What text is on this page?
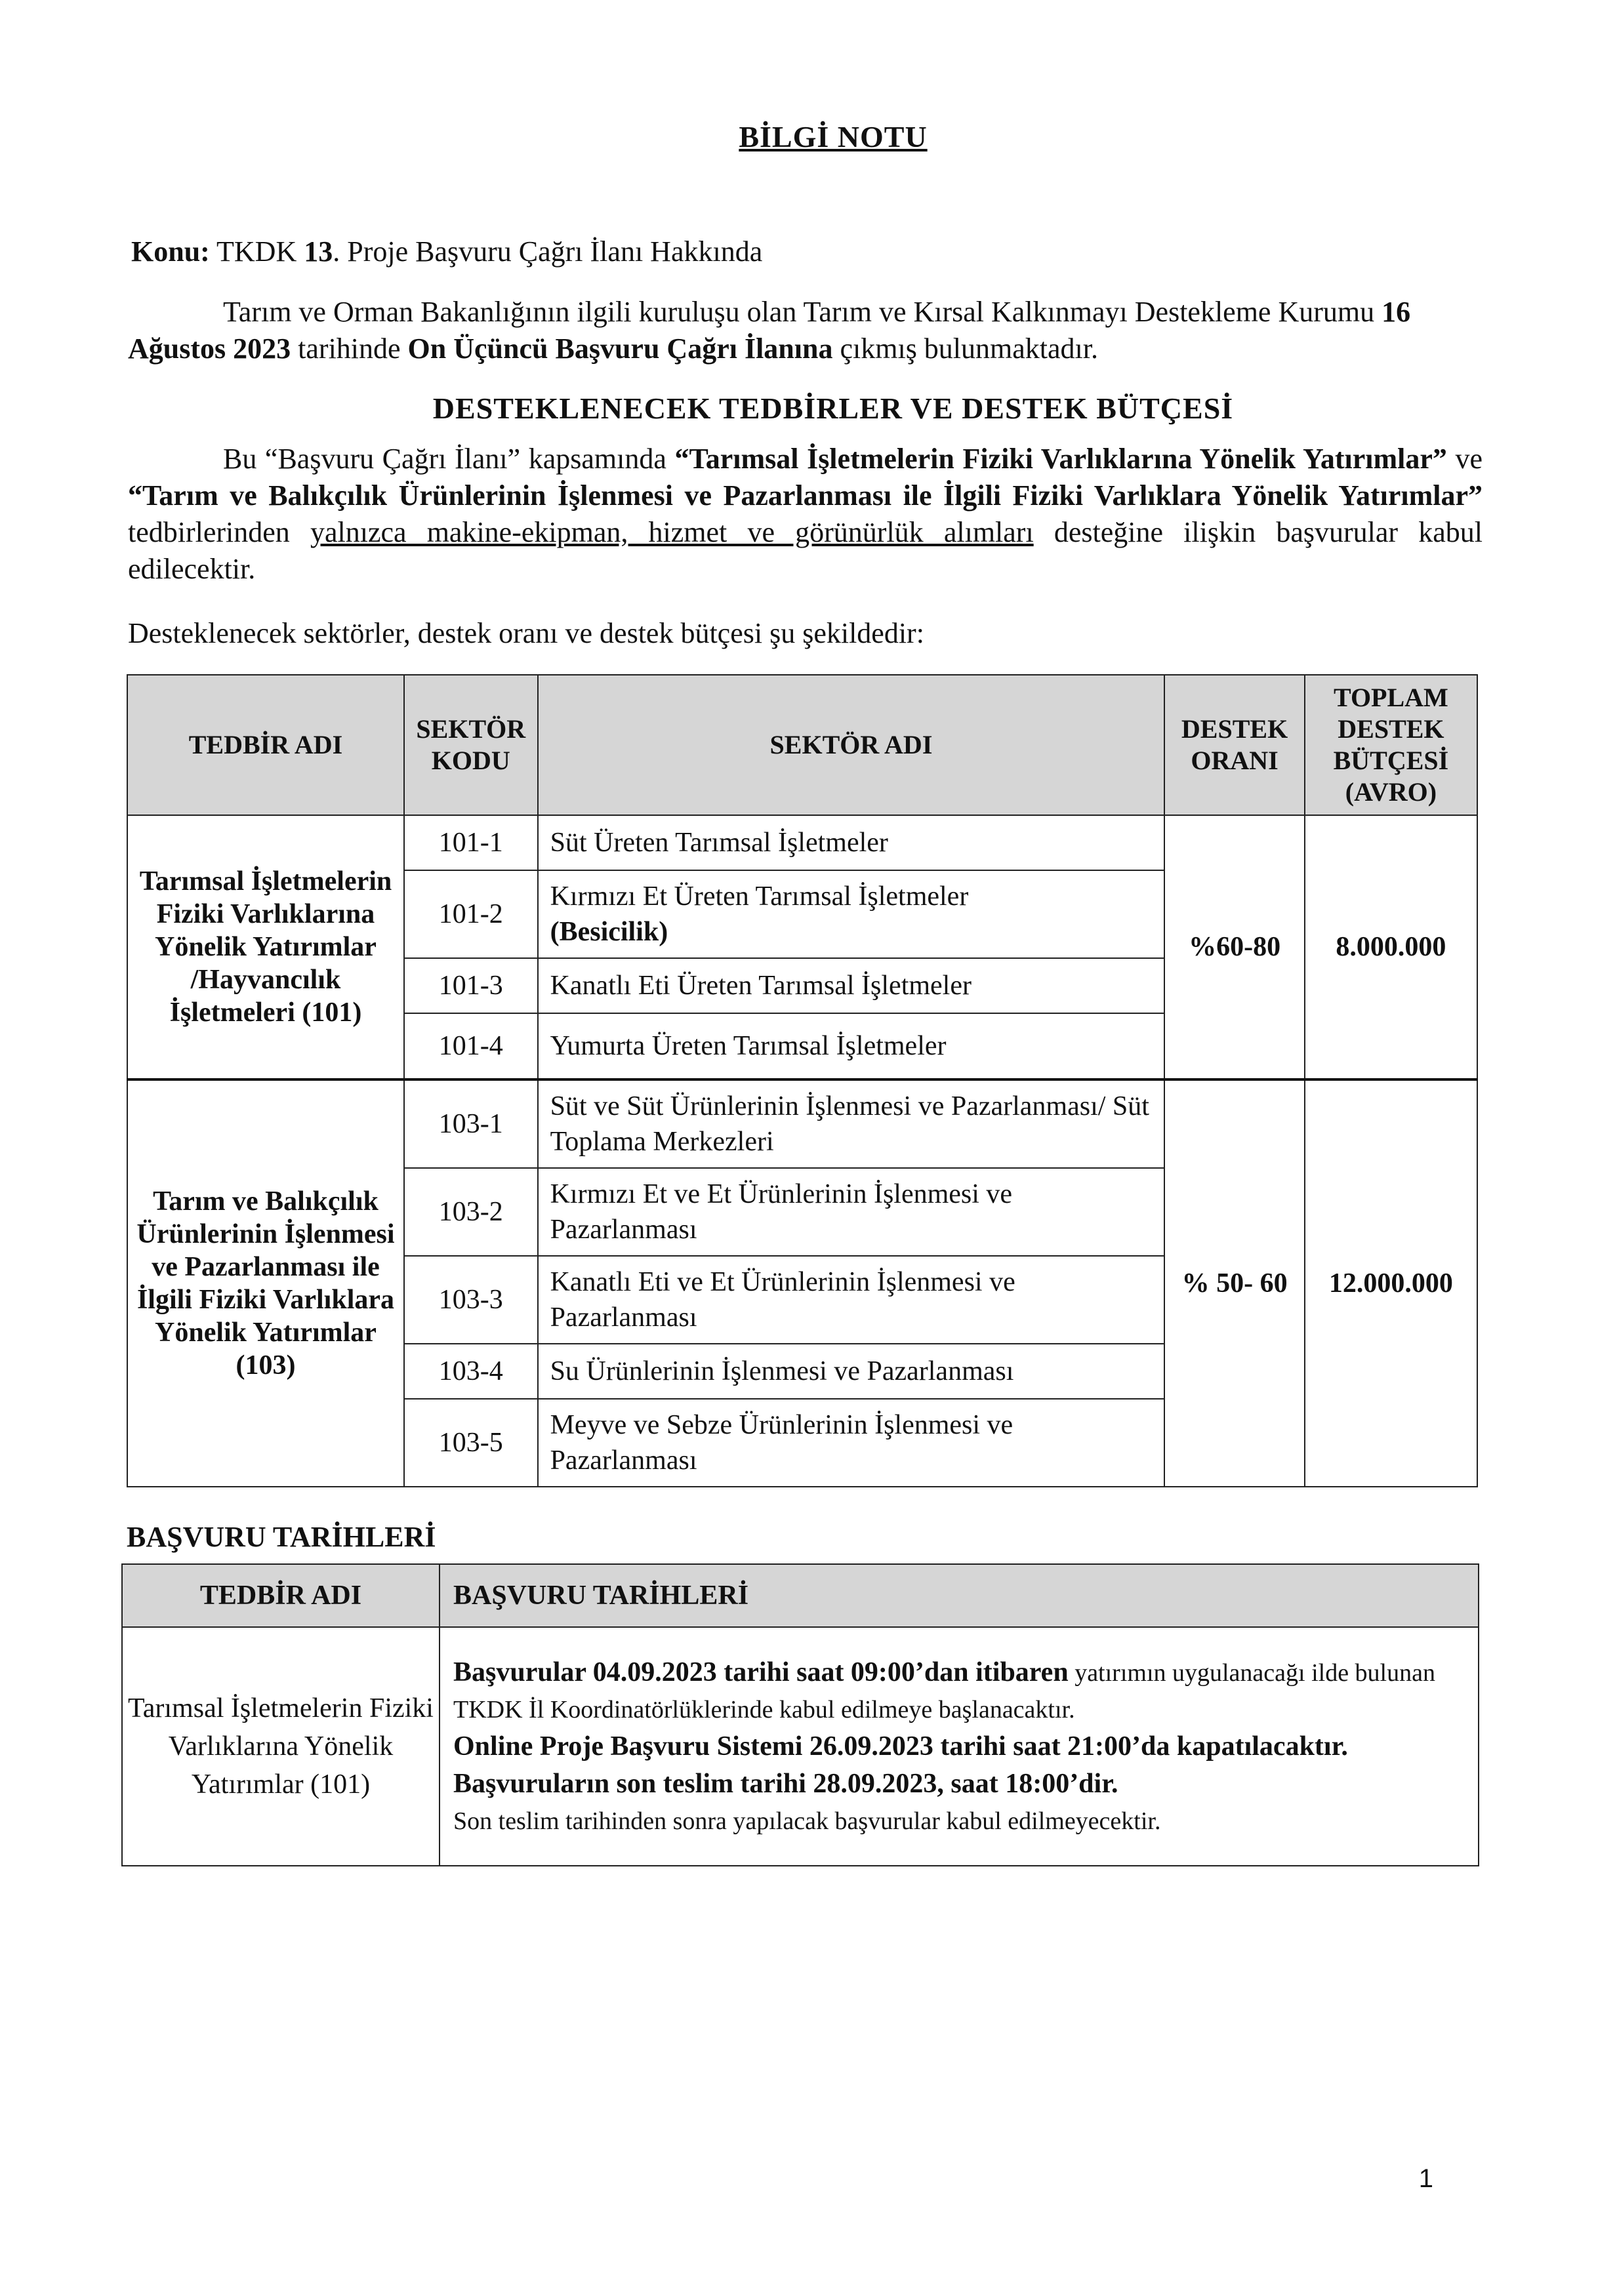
BİLGİ NOTU
Konu: TKDK 13. Proje Başvuru Çağrı İlanı Hakkında
Tarım ve Orman Bakanlığının ilgili kuruluşu olan Tarım ve Kırsal Kalkınmayı Destekleme Kurumu 16 Ağustos 2023 tarihinde On Üçüncü Başvuru Çağrı İlanına çıkmış bulunmaktadır.
DESTEKLENECEK TEDBİRLER VE DESTEK BÜTÇESİ
Bu “Başvuru Çağrı İlanı” kapsamında “Tarımsal İşletmelerin Fiziki Varlıklarına Yönelik Yatırımlar” ve “Tarım ve Balıkçılık Ürünlerinin İşlenmesi ve Pazarlanması ile İlgili Fiziki Varlıklara Yönelik Yatırımlar” tedbirlerinden yalnızca makine-ekipman, hizmet ve görünürlük alımları desteğine ilişkin başvurular kabul edilecektir.
Desteklenecek sektörler, destek oranı ve destek bütçesi şu şekildedir:
TEDBİR ADI	SEKTÖR KODU	SEKTÖR ADI	DESTEK ORANI	TOPLAM DESTEK BÜTÇESİ (AVRO)
Tarımsal İşletmelerin Fiziki Varlıklarına Yönelik Yatırımlar /Hayvancılık İşletmeleri (101)	101-1	Süt Üreten Tarımsal İşletmeler	%60-80	8.000.000
	101-2	Kırmızı Et Üreten Tarımsal İşletmeler
(Besicilik)		
	101-3	Kanatlı Eti Üreten Tarımsal İşletmeler		
	101-4	Yumurta Üreten Tarımsal İşletmeler		
Tarım ve Balıkçılık Ürünlerinin İşlenmesi ve Pazarlanması ile İlgili Fiziki Varlıklara Yönelik Yatırımlar (103)	103-1	Süt ve Süt Ürünlerinin İşlenmesi ve Pazarlanması/ Süt Toplama Merkezleri	% 50- 60	12.000.000
	103-2	Kırmızı Et ve Et Ürünlerinin İşlenmesi ve Pazarlanması		
	103-3	Kanatlı Eti ve Et Ürünlerinin İşlenmesi ve Pazarlanması		
	103-4	Su Ürünlerinin İşlenmesi ve Pazarlanması		
	103-5	Meyve ve Sebze Ürünlerinin İşlenmesi ve Pazarlanması		
BAŞVURU TARİHLERİ
TEDBİR ADI	BAŞVURU TARİHLERİ
Tarımsal İşletmelerin Fiziki Varlıklarına Yönelik Yatırımlar (101)	Başvurular 04.09.2023 tarihi saat 09:00’dan itibaren yatırımın uygulanacağı ilde bulunan TKDK İl Koordinatörlüklerinde kabul edilmeye başlanacaktır.
Online Proje Başvuru Sistemi 26.09.2023 tarihi saat 21:00’da kapatılacaktır.
Başvuruların son teslim tarihi 28.09.2023, saat 18:00’dir.
Son teslim tarihinden sonra yapılacak başvurular kabul edilmeyecektir.
1
